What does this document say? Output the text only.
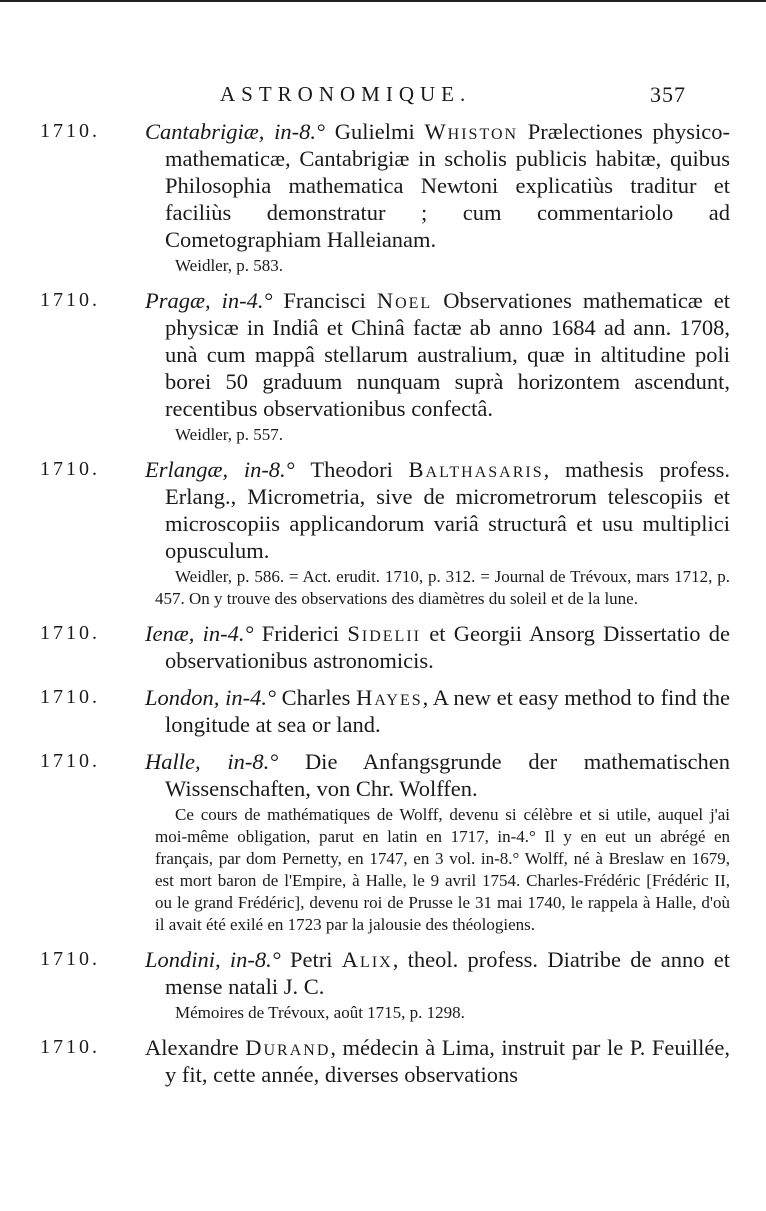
ASTRONOMIQUE.	357
1710. Cantabrigiæ, in-8.° Gulielmi Whiston Prælectiones physico-mathematicæ, Cantabrigiæ in scholis publicis habitæ, quibus Philosophia mathematica Newtoni explicatiùs traditur et faciliùs demonstratur ; cum commentariolo ad Cometographiam Halleianam.
Weidler, p. 583.
1710. Pragæ, in-4.° Francisci Noel Observationes mathematicæ et physicæ in Indiâ et Chinâ factæ ab anno 1684 ad ann. 1708, unà cum mappâ stellarum australium, quæ in altitudine poli borei 50 graduum nunquam suprà horizontem ascendunt, recentibus observationibus confectâ.
Weidler, p. 557.
1710. Erlangæ, in-8.° Theodori Balthasaris, mathesis profess. Erlang., Micrometria, sive de micrometrorum telescopiis et microscopiis applicandorum variâ structurâ et usu multiplici opusculum.
Weidler, p. 586. = Act. erudit. 1710, p. 312. = Journal de Trévoux, mars 1712, p. 457. On y trouve des observations des diamètres du soleil et de la lune.
1710. Ienæ, in-4.° Friderici Sidelii et Georgii Ansorg Dissertatio de observationibus astronomicis.
1710. London, in-4.° Charles Hayes, A new et easy method to find the longitude at sea or land.
1710. Halle, in-8.° Die Anfangsgrunde der mathematischen Wissenschaften, von Chr. Wolffen.
Ce cours de mathématiques de Wolff, devenu si célèbre et si utile, auquel j'ai moi-même obligation, parut en latin en 1717, in-4.° Il y en eut un abrégé en français, par dom Pernetty, en 1747, en 3 vol. in-8.° Wolff, né à Breslaw en 1679, est mort baron de l'Empire, à Halle, le 9 avril 1754. Charles-Frédéric [Frédéric II, ou le grand Frédéric], devenu roi de Prusse le 31 mai 1740, le rappela à Halle, d'où il avait été exilé en 1723 par la jalousie des théologiens.
1710. Londini, in-8.° Petri Alix, theol. profess. Diatribe de anno et mense natali J. C.
Mémoires de Trévoux, août 1715, p. 1298.
1710. Alexandre Durand, médecin à Lima, instruit par le P. Feuillée, y fit, cette année, diverses observations
